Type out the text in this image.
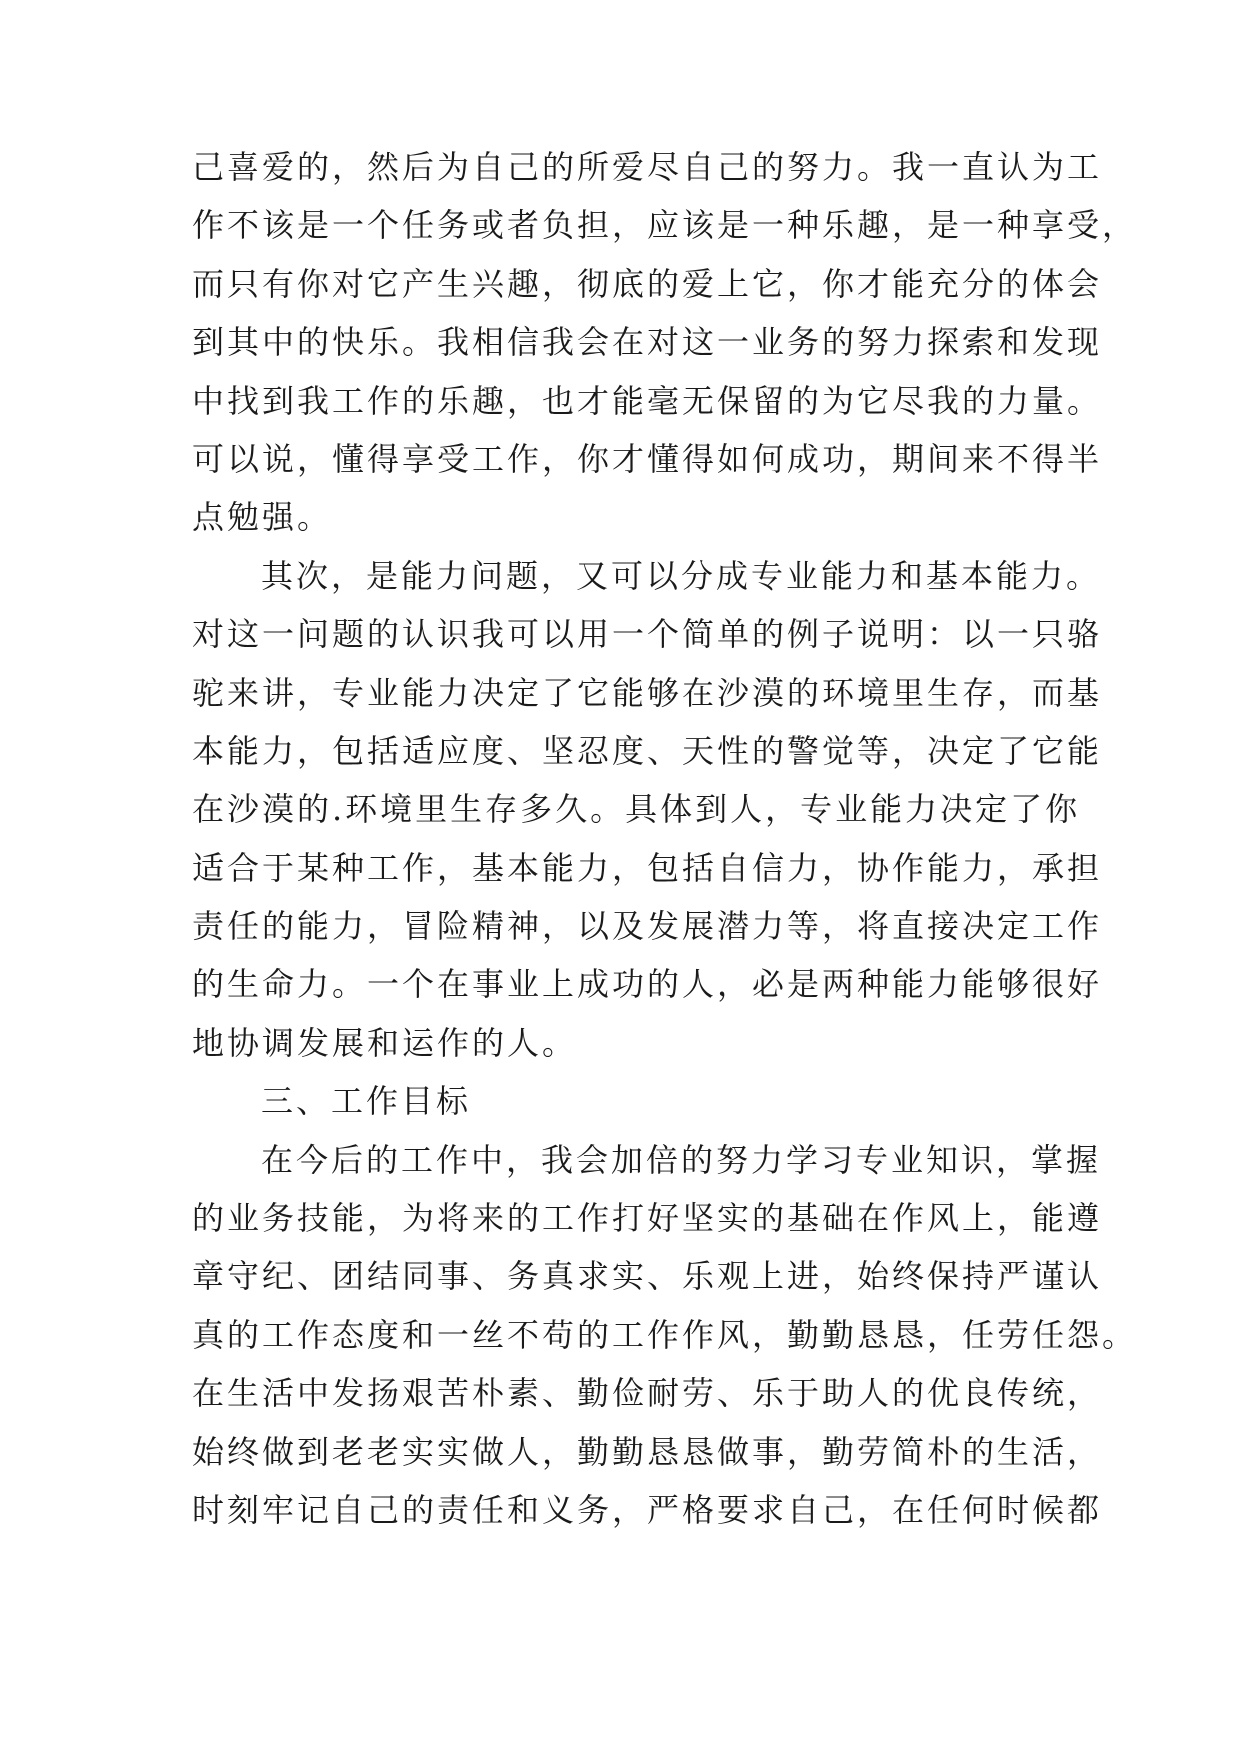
己喜爱的，然后为自己的所爱尽自己的努力。我一直认为工
作不该是一个任务或者负担，应该是一种乐趣，是一种享受，
而只有你对它产生兴趣，彻底的爱上它，你才能充分的体会
到其中的快乐。我相信我会在对这一业务的努力探索和发现
中找到我工作的乐趣，也才能毫无保留的为它尽我的力量。
可以说，懂得享受工作，你才懂得如何成功，期间来不得半
点勉强。
其次，是能力问题，又可以分成专业能力和基本能力。
对这一问题的认识我可以用一个简单的例子说明：以一只骆
驼来讲，专业能力决定了它能够在沙漠的环境里生存，而基
本能力，包括适应度、坚忍度、天性的警觉等，决定了它能
在沙漠的.环境里生存多久。具体到人，专业能力决定了你
适合于某种工作，基本能力，包括自信力，协作能力，承担
责任的能力，冒险精神，以及发展潜力等，将直接决定工作
的生命力。一个在事业上成功的人，必是两种能力能够很好
地协调发展和运作的人。
三、工作目标
在今后的工作中，我会加倍的努力学习专业知识，掌握
的业务技能，为将来的工作打好坚实的基础在作风上，能遵
章守纪、团结同事、务真求实、乐观上进，始终保持严谨认
真的工作态度和一丝不苟的工作作风，勤勤恳恳，任劳任怨。
在生活中发扬艰苦朴素、勤俭耐劳、乐于助人的优良传统，
始终做到老老实实做人，勤勤恳恳做事，勤劳简朴的生活，
时刻牢记自己的责任和义务，严格要求自己，在任何时候都
